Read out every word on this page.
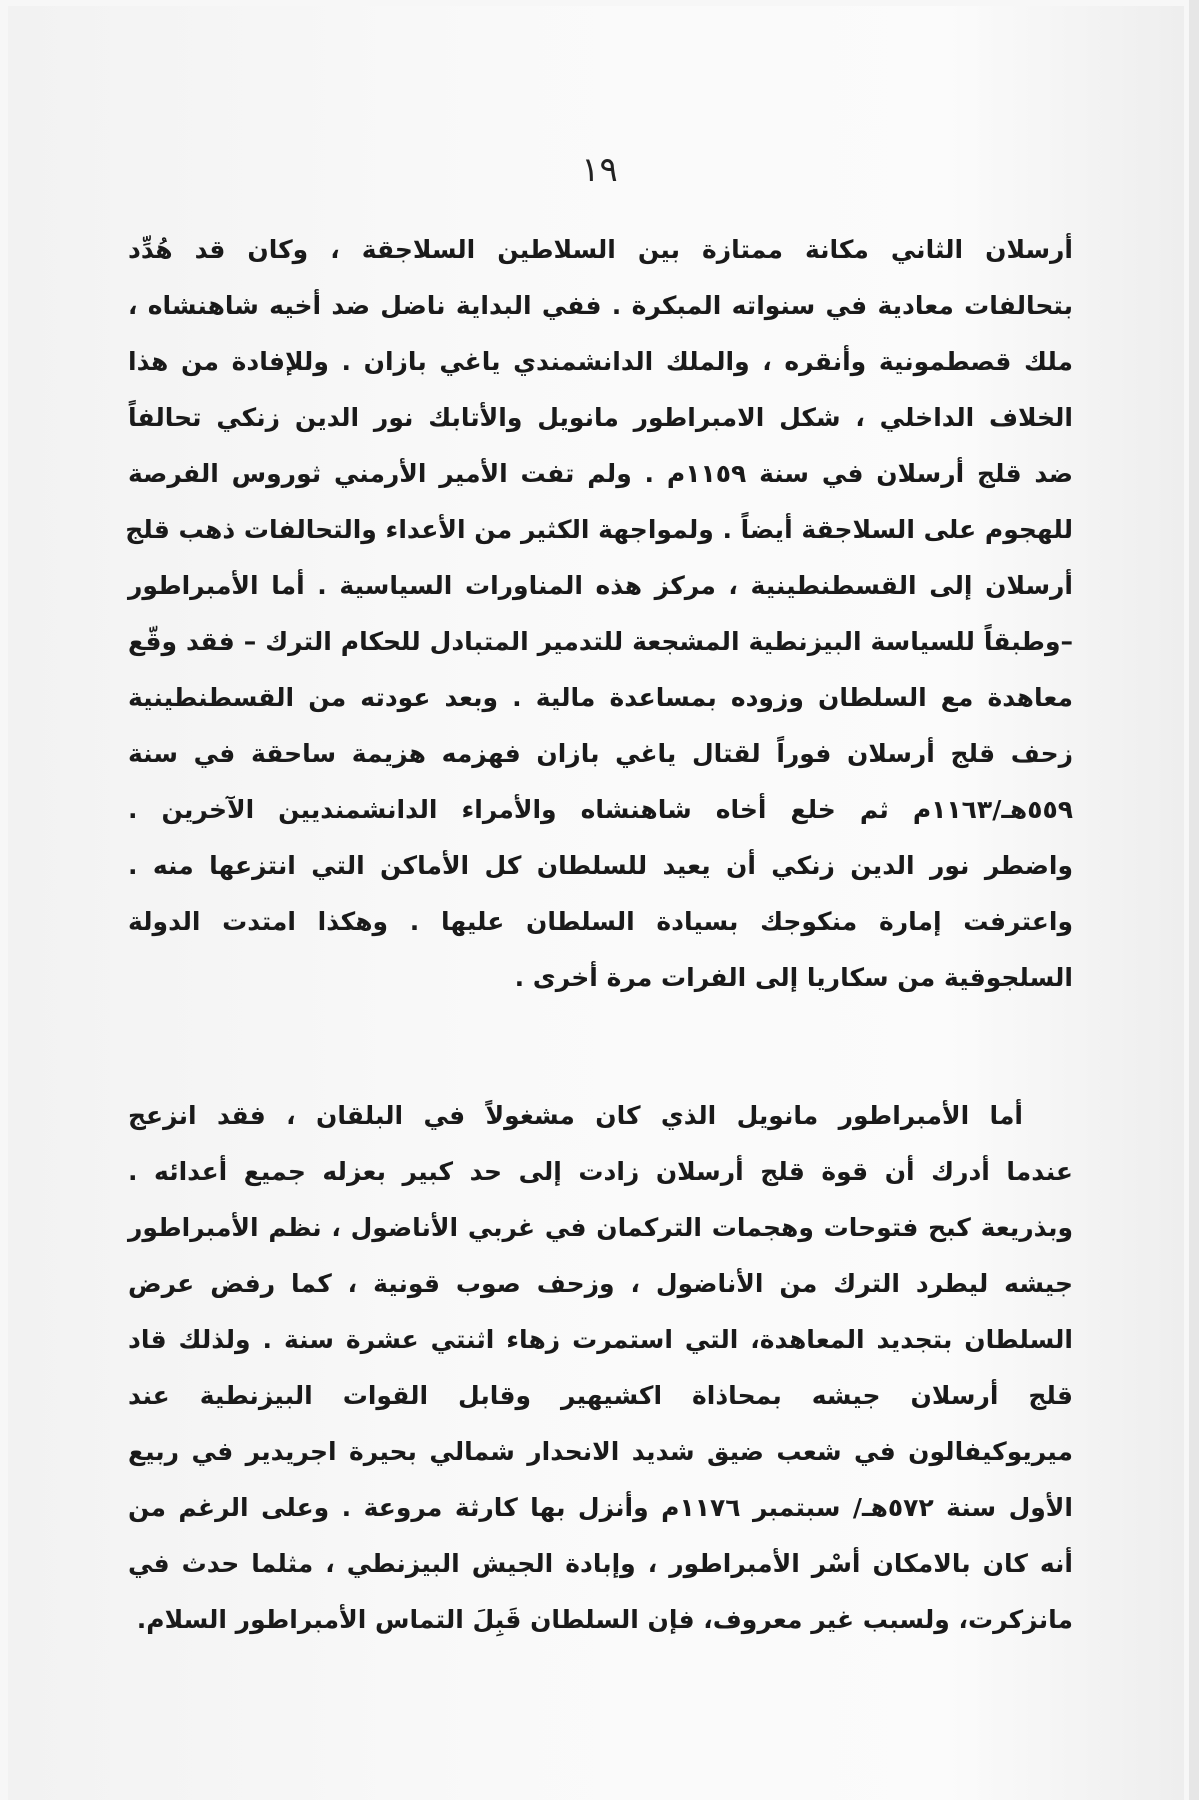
١٩
أرسلان الثاني مكانة ممتازة بين السلاطين السلاجقة ، وكان قد هُدِّد
بتحالفات معادية في سنواته المبكرة . ففي البداية ناضل ضد أخيه شاهنشاه ،
ملك قصطمونية وأنقره ، والملك الدانشمندي ياغي بازان . وللإفادة من هذا
الخلاف الداخلي ، شكل الامبراطور مانويل والأتابك نور الدين زنكي تحالفاً
ضد قلج أرسلان في سنة ١١٥٩م . ولم تفت الأمير الأرمني ثوروس الفرصة
للهجوم على السلاجقة أيضاً . ولمواجهة الكثير من الأعداء والتحالفات ذهب قلج
أرسلان إلى القسطنطينية ، مركز هذه المناورات السياسية . أما الأمبراطور
–وطبقاً للسياسة البيزنطية المشجعة للتدمير المتبادل للحكام الترك – فقد وقّع
معاهدة مع السلطان وزوده بمساعدة مالية . وبعد عودته من القسطنطينية
زحف قلج أرسلان فوراً لقتال ياغي بازان فهزمه هزيمة ساحقة في سنة
٥٥٩هـ/١١٦٣م ثم خلع أخاه شاهنشاه والأمراء الدانشمنديين الآخرين .
واضطر نور الدين زنكي أن يعيد للسلطان كل الأماكن التي انتزعها منه .
واعترفت إمارة منكوجك بسيادة السلطان عليها . وهكذا امتدت الدولة
السلجوقية من سكاريا إلى الفرات مرة أخرى .
أما الأمبراطور مانويل الذي كان مشغولاً في البلقان ، فقد انزعج
عندما أدرك أن قوة قلج أرسلان زادت إلى حد كبير بعزله جميع أعدائه .
وبذريعة كبح فتوحات وهجمات التركمان في غربي الأناضول ، نظم الأمبراطور
جيشه ليطرد الترك من الأناضول ، وزحف صوب قونية ، كما رفض عرض
السلطان بتجديد المعاهدة، التي استمرت زهاء اثنتي عشرة سنة . ولذلك قاد
قلج أرسلان جيشه بمحاذاة اكشيهير وقابل القوات البيزنطية عند
ميريوكيفالون في شعب ضيق شديد الانحدار شمالي بحيرة اجريدير في ربيع
الأول سنة ٥٧٢هـ/ سبتمبر ١١٧٦م وأنزل بها كارثة مروعة . وعلى الرغم من
أنه كان بالامكان أسْر الأمبراطور ، وإبادة الجيش البيزنطي ، مثلما حدث في
مانزكرت، ولسبب غير معروف، فإن السلطان قَبِلَ التماس الأمبراطور السلام.
